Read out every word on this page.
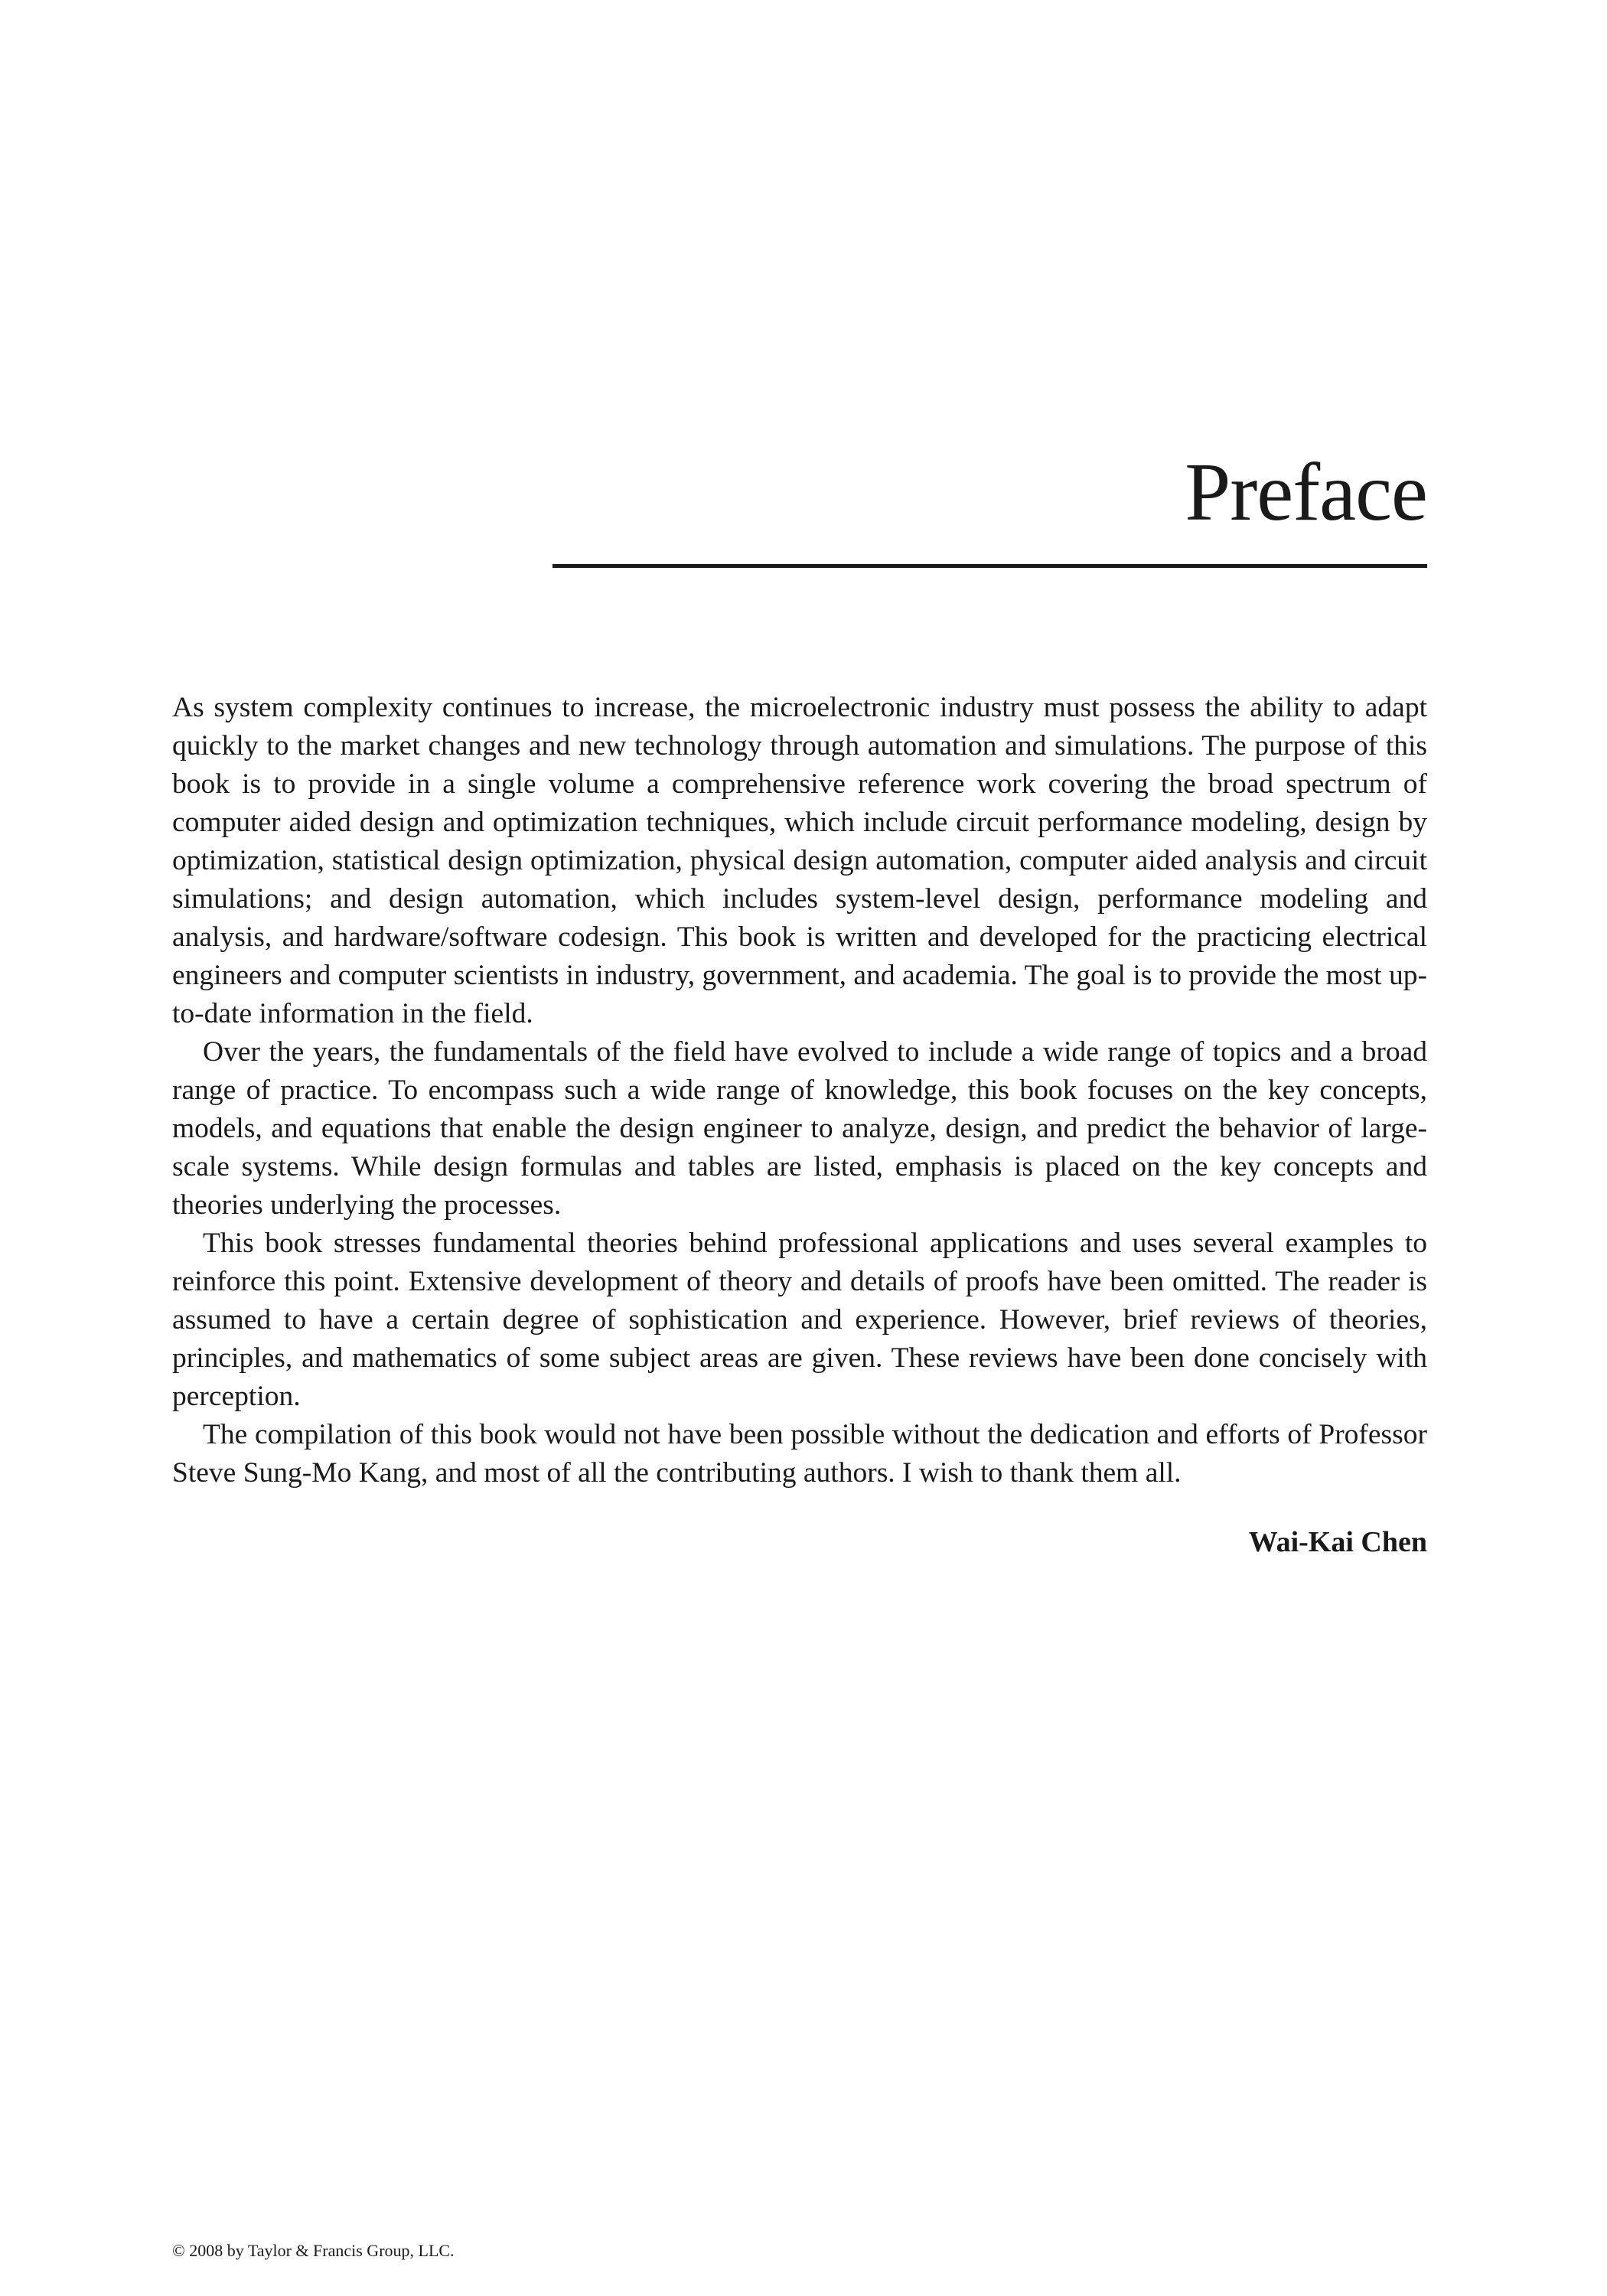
Preface

As system complexity continues to increase, the microelectronic industry must possess the ability to adapt quickly to the market changes and new technology through automation and simulations. The purpose of this book is to provide in a single volume a comprehensive reference work covering the broad spectrum of computer aided design and optimization techniques, which include circuit performance modeling, design by optimization, statistical design optimization, physical design automation, computer aided analysis and circuit simulations; and design automation, which includes system-level design, performance modeling and analysis, and hardware/software codesign. This book is written and developed for the practicing electrical engineers and computer scientists in industry, government, and academia. The goal is to provide the most up-to-date information in the field.

Over the years, the fundamentals of the field have evolved to include a wide range of topics and a broad range of practice. To encompass such a wide range of knowledge, this book focuses on the key concepts, models, and equations that enable the design engineer to analyze, design, and predict the behavior of large-scale systems. While design formulas and tables are listed, emphasis is placed on the key concepts and theories underlying the processes.

This book stresses fundamental theories behind professional applications and uses several examples to reinforce this point. Extensive development of theory and details of proofs have been omitted. The reader is assumed to have a certain degree of sophistication and experience. However, brief reviews of theories, principles, and mathematics of some subject areas are given. These reviews have been done concisely with perception.

The compilation of this book would not have been possible without the dedication and efforts of Professor Steve Sung-Mo Kang, and most of all the contributing authors. I wish to thank them all.

Wai-Kai Chen
© 2008 by Taylor & Francis Group, LLC.
